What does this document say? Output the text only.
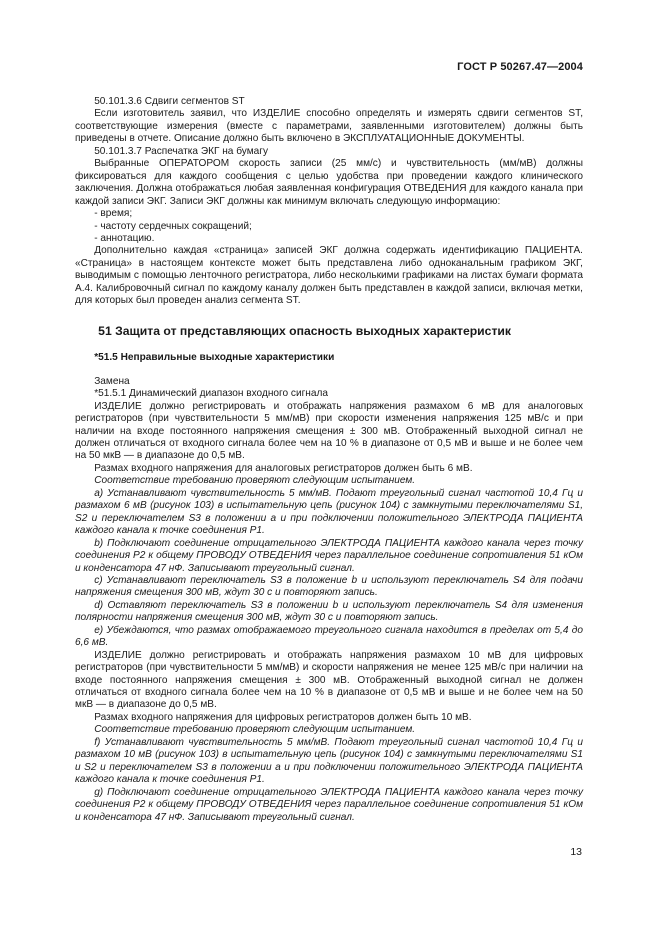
ГОСТ Р 50267.47—2004

50.101.3.6 Сдвиги сегментов ST

Если изготовитель заявил, что ИЗДЕЛИЕ способно определять и измерять сдвиги сегментов ST, соответствующие измерения (вместе с параметрами, заявленными изготовителем) должны быть приведены в отчете. Описание должно быть включено в ЭКСПЛУАТАЦИОННЫЕ ДОКУМЕНТЫ.

50.101.3.7 Распечатка ЭКГ на бумагу

Выбранные ОПЕРАТОРОМ скорость записи (25 мм/с) и чувствительность (мм/мВ) должны фиксироваться для каждого сообщения с целью удобства при проведении каждого клинического заключения. Должна отображаться любая заявленная конфигурация ОТВЕДЕНИЯ для каждого канала при каждой записи ЭКГ. Записи ЭКГ должны как минимум включать следующую информацию:

- время;

- частоту сердечных сокращений;

- аннотацию.

Дополнительно каждая «страница» записей ЭКГ должна содержать идентификацию ПАЦИЕНТА. «Страница» в настоящем контексте может быть представлена либо одноканальным графиком ЭКГ, выводимым с помощью ленточного регистратора, либо несколькими графиками на листах бумаги формата А.4. Калибровочный сигнал по каждому каналу должен быть представлен в каждой записи, включая метки, для которых был проведен анализ сегмента ST.

51 Защита от представляющих опасность выходных характеристик
*51.5 Неправильные выходные характеристики

Замена

*51.5.1 Динамический диапазон входного сигнала

ИЗДЕЛИЕ должно регистрировать и отображать напряжения размахом 6 мВ для аналоговых регистраторов (при чувствительности 5 мм/мВ) при скорости изменения напряжения 125 мВ/с и при наличии на входе постоянного напряжения смещения ± 300 мВ. Отображенный выходной сигнал не должен отличаться от входного сигнала более чем на 10 % в диапазоне от 0,5 мВ и выше и не более чем на 50 мкВ — в диапазоне до 0,5 мВ.

Размах входного напряжения для аналоговых регистраторов должен быть 6 мВ.

Соответствие требованию проверяют следующим испытанием.

а) Устанавливают чувствительность 5 мм/мВ. Подают треугольный сигнал частотой 10,4 Гц и размахом 6 мВ (рисунок 103) в испытательную цепь (рисунок 104) с замкнутыми переключателями S1, S2 и переключателем S3 в положении a и при подключении положительного ЭЛЕКТРОДА ПАЦИЕНТА каждого канала к точке соединения Р1.

b) Подключают соединение отрицательного ЭЛЕКТРОДА ПАЦИЕНТА каждого канала через точку соединения Р2 к общему ПРОВОДУ ОТВЕДЕНИЯ через параллельное соединение сопротивления 51 кОм и конденсатора 47 нФ. Записывают треугольный сигнал.

с) Устанавливают переключатель S3 в положение b и используют переключатель S4 для подачи напряжения смещения 300 мВ, ждут 30 с и повторяют запись.

d) Оставляют переключатель S3 в положении b и используют переключатель S4 для изменения полярности напряжения смещения 300 мВ, ждут 30 с и повторяют запись.

е) Убеждаются, что размах отображаемого треугольного сигнала находится в пределах от 5,4 до 6,6 мВ.

ИЗДЕЛИЕ должно регистрировать и отображать напряжения размахом 10 мВ для цифровых регистраторов (при чувствительности 5 мм/мВ) и скорости напряжения не менее 125 мВ/с при наличии на входе постоянного напряжения смещения ± 300 мВ. Отображенный выходной сигнал не должен отличаться от входного сигнала более чем на 10 % в диапазоне от 0,5 мВ и выше и не более чем на 50 мкВ — в диапазоне до 0,5 мВ.

Размах входного напряжения для цифровых регистраторов должен быть 10 мВ.

Соответствие требованию проверяют следующим испытанием.

f) Устанавливают чувствительность 5 мм/мВ. Подают треугольный сигнал частотой 10,4 Гц и размахом 10 мВ (рисунок 103) в испытательную цепь (рисунок 104) с замкнутыми переключателями S1 и S2 и переключателем S3 в положении a и при подключении положительного ЭЛЕКТРОДА ПАЦИЕНТА каждого канала к точке соединения Р1.

g) Подключают соединение отрицательного ЭЛЕКТРОДА ПАЦИЕНТА каждого канала через точку соединения Р2 к общему ПРОВОДУ ОТВЕДЕНИЯ через параллельное соединение сопротивления 51 кОм и конденсатора 47 нФ. Записывают треугольный сигнал.

13
